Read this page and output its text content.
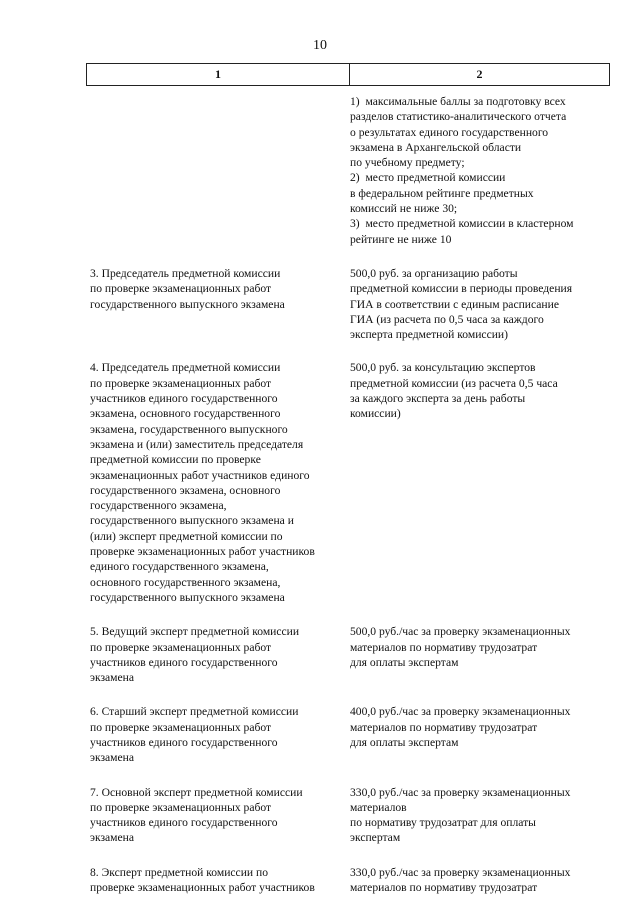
10
1	2
1)  максимальные баллы за подготовку всех
разделов статистико-аналитического отчета
о результатах единого государственного
экзамена в Архангельской области
по учебному предмету;
2)  место предметной комиссии
в федеральном рейтинге предметных
комиссий не ниже 30;
3)  место предметной комиссии в кластерном
рейтинге не ниже 10
3. Председатель предметной комиссии
по проверке экзаменационных работ
государственного выпускного экзамена
500,0 руб. за организацию работы
предметной комиссии в периоды проведения
ГИА в соответствии с единым расписание
ГИА (из расчета по 0,5 часа за каждого
эксперта предметной комиссии)
4. Председатель предметной комиссии
по проверке экзаменационных работ
участников единого государственного
экзамена, основного государственного
экзамена, государственного выпускного
экзамена и (или) заместитель председателя
предметной комиссии по проверке
экзаменационных работ участников единого
государственного экзамена, основного
государственного экзамена,
государственного выпускного экзамена и
(или) эксперт предметной комиссии по
проверке экзаменационных работ участников
единого государственного экзамена,
основного государственного экзамена,
государственного выпускного экзамена
500,0 руб. за консультацию экспертов
предметной комиссии (из расчета 0,5 часа
за каждого эксперта за день работы
комиссии)
5. Ведущий эксперт предметной комиссии
по проверке экзаменационных работ
участников единого государственного
экзамена
500,0 руб./час за проверку экзаменационных
материалов по нормативу трудозатрат
для оплаты экспертам
6. Старший эксперт предметной комиссии
по проверке экзаменационных работ
участников единого государственного
экзамена
400,0 руб./час за проверку экзаменационных
материалов по нормативу трудозатрат
для оплаты экспертам
7. Основной эксперт предметной комиссии
по проверке экзаменационных работ
участников единого государственного
экзамена
330,0 руб./час за проверку экзаменационных
материалов
по нормативу трудозатрат для оплаты
экспертам
8. Эксперт предметной комиссии по
проверке экзаменационных работ участников
330,0 руб./час за проверку экзаменационных
материалов по нормативу трудозатрат
